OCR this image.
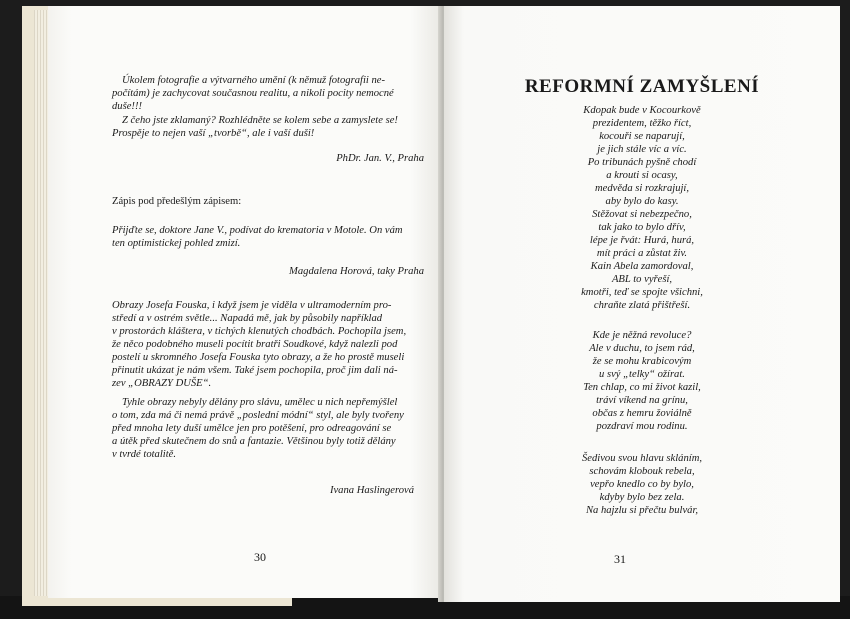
Úkolem fotografie a výtvarného umění (k němuž fotografii ne-
počítám) je zachycovat současnou realitu, a nikoli pocity nemocné
duše!!!
Z čeho jste zklamaný? Rozhlédněte se kolem sebe a zamyslete se!
Prospěje to nejen vaší „tvorbě“, ale i vaší duši!
PhDr. Jan. V., Praha
Zápis pod předešlým zápisem:
Přijďte se, doktore Jane V., podívat do krematoria v Motole. On vám
ten optimistickej pohled zmizí.
Magdalena Horová, taky Praha
Obrazy Josefa Fouska, i když jsem je viděla v ultramoderním pro-
středí a v ostrém světle... Napadá mě, jak by působily například
v prostorách kláštera, v tichých klenutých chodbách. Pochopila jsem,
že něco podobného museli pocítit bratři Soudkové, když nalezli pod
postelí u skromného Josefa Fouska tyto obrazy, a že ho prostě museli
přinutit ukázat je nám všem. Také jsem pochopila, proč jim dali ná-
zev „OBRAZY DUŠE“.
Tyhle obrazy nebyly dělány pro slávu, umělec u nich nepřemýšlel
o tom, zda má či nemá právě „poslední módní“ styl, ale byly tvořeny
před mnoha lety duší umělce jen pro potěšení, pro odreagování se
a útěk před skutečnem do snů a fantazie. Většinou byly totiž dělány
v tvrdé totalitě.
Ivana Haslingerová
30
REFORMNÍ ZAMYŠLENÍ
Kdopak bude v Kocourkově
prezidentem, těžko říct,
kocouři se naparují,
je jich stále víc a víc.
Po tribunách pyšně chodí
a krouti si ocasy,
medvěda si rozkrajují,
aby bylo do kasy.
Stěžovat si nebezpečno,
tak jako to bylo dřív,
lépe je řvát: Hurá, hurá,
mít práci a zůstat živ.
Kain Abela zamordoval,
ABL to vyřeší,
kmotři, teď se spojte všichni,
chraňte zlatá přištřeší.
Kde je něžná revoluce?
Ale v duchu, to jsem rád,
že se mohu krabicovým
u svý „telky“ ožírat.
Ten chlap, co mi život kazil,
tráví víkend na grínu,
občas z hemru žoviálně
pozdraví mou rodinu.
Šedivou svou hlavu skláním,
schovám klobouk rebela,
vepřo knedlo co by bylo,
kdyby bylo bez zela.
Na hajzlu si přečtu bulvár,
31
